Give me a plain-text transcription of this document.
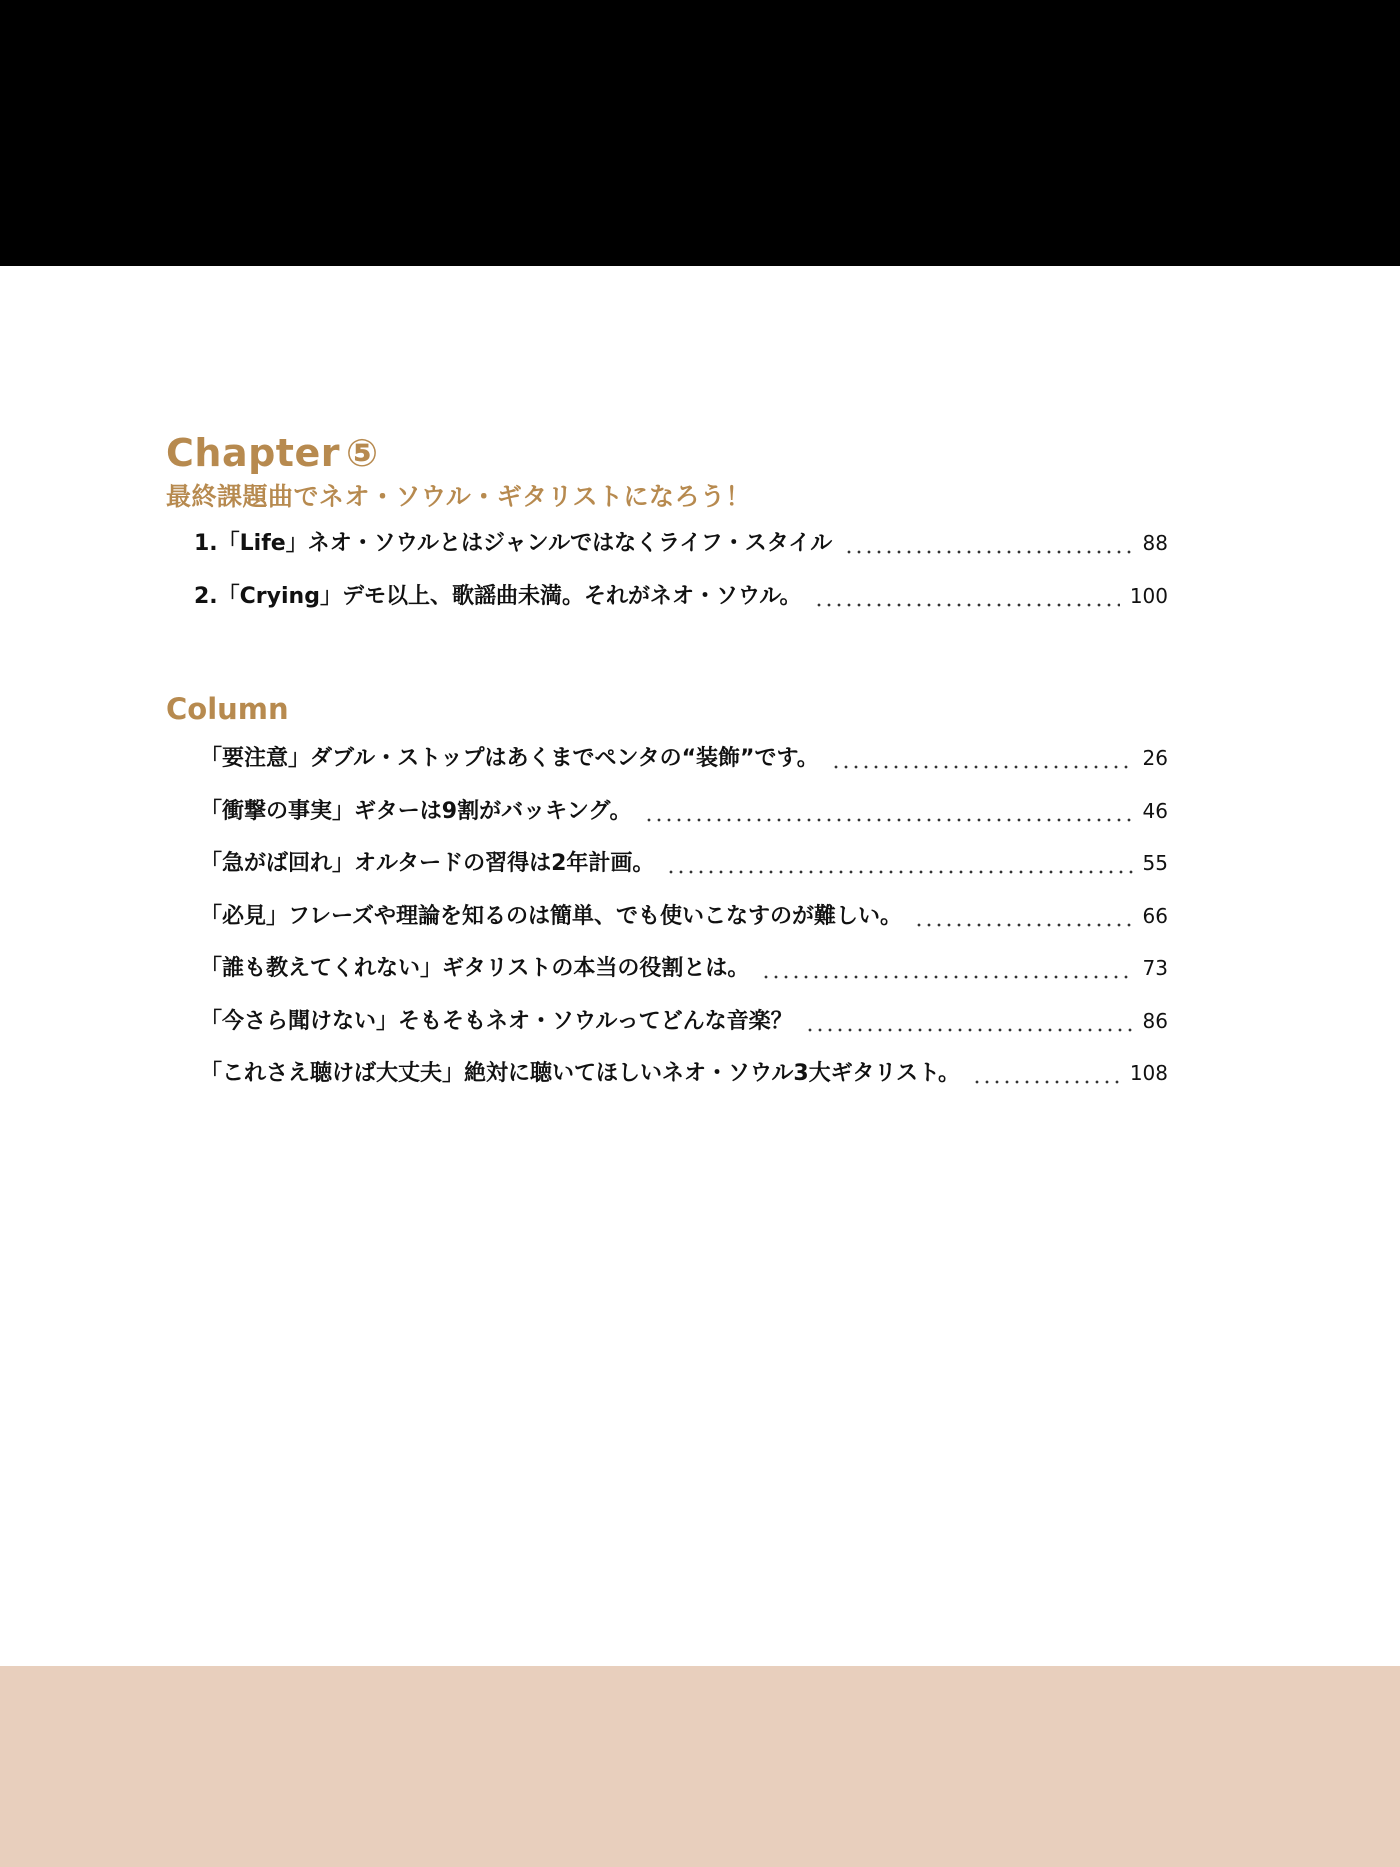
Chapter ⑤
最終課題曲でネオ・ソウル・ギタリストになろう！
1.「Life」ネオ・ソウルとはジャンルではなくライフ・スタイル	88
2.「Crying」デモ以上、歌謡曲未満。それがネオ・ソウル。	100
Column
「要注意」ダブル・ストップはあくまでペンタの“装飾”です。	26
「衝撃の事実」ギターは9割がバッキング。	46
「急がば回れ」オルタードの習得は2年計画。	55
「必見」フレーズや理論を知るのは簡単、でも使いこなすのが難しい。	66
「誰も教えてくれない」ギタリストの本当の役割とは。	73
「今さら聞けない」そもそもネオ・ソウルってどんな音楽？	86
「これさえ聴けば大丈夫」絶対に聴いてほしいネオ・ソウル3大ギタリスト。	108
